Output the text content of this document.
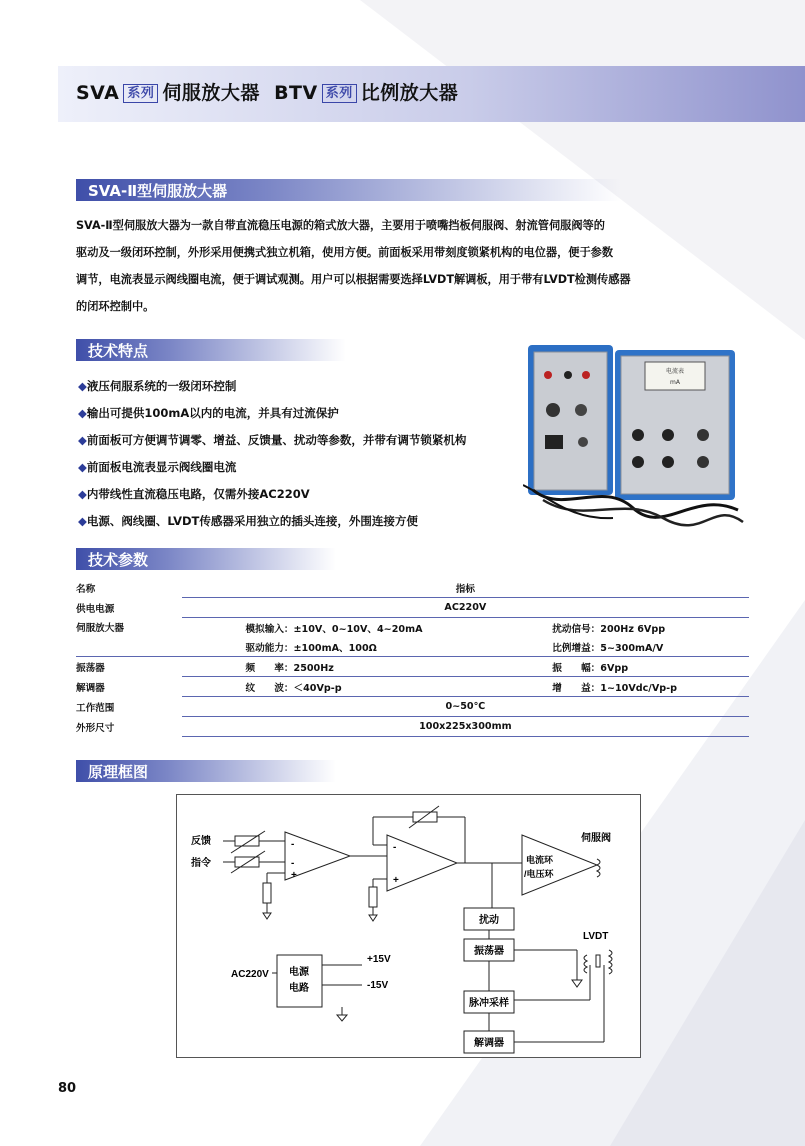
SVA 系列 伺服放大器 BTV 系列 比例放大器
SVA-Ⅱ型伺服放大器
SVA-Ⅱ型伺服放大器为一款自带直流稳压电源的箱式放大器，主要用于喷嘴挡板伺服阀、射流管伺服阀等的
驱动及一级闭环控制，外形采用便携式独立机箱，使用方便。前面板采用带刻度锁紧机构的电位器，便于参数
调节，电流表显示阀线圈电流，便于调试观测。用户可以根据需要选择LVDT解调板，用于带有LVDT检测传感器
的闭环控制中。
技术特点
◆液压伺服系统的一级闭环控制
◆输出可提供100mA以内的电流，并具有过流保护
◆前面板可方便调节调零、增益、反馈量、扰动等参数，并带有调节锁紧机构
◆前面板电流表显示阀线圈电流
◆内带线性直流稳压电路，仅需外接AC220V
◆电源、阀线圈、LVDT传感器采用独立的插头连接，外围连接方便
电流表
mA
技术参数
名称	指标
供电电源	AC220V
伺服放大器		模拟输入：±10V、0~10V、4~20mA		扰动信号：200Hz 6Vpp
		驱动能力：±100mA、100Ω		比例增益：5~300mA/V
振荡器		频　　率：2500Hz		振　　幅：6Vpp
解调器		纹　　波：＜40Vp-p		增　　益：1~10Vdc/Vp-p
工作范围	0~50℃
外形尺寸	100x225x300mm
原理框图
反馈
指令
-
-
+
-
+
伺服阀
电流环
/电压环
扰动
振荡器
脉冲采样
解调器
LVDT
AC220V 电源
电路
+15V
-15V
80
